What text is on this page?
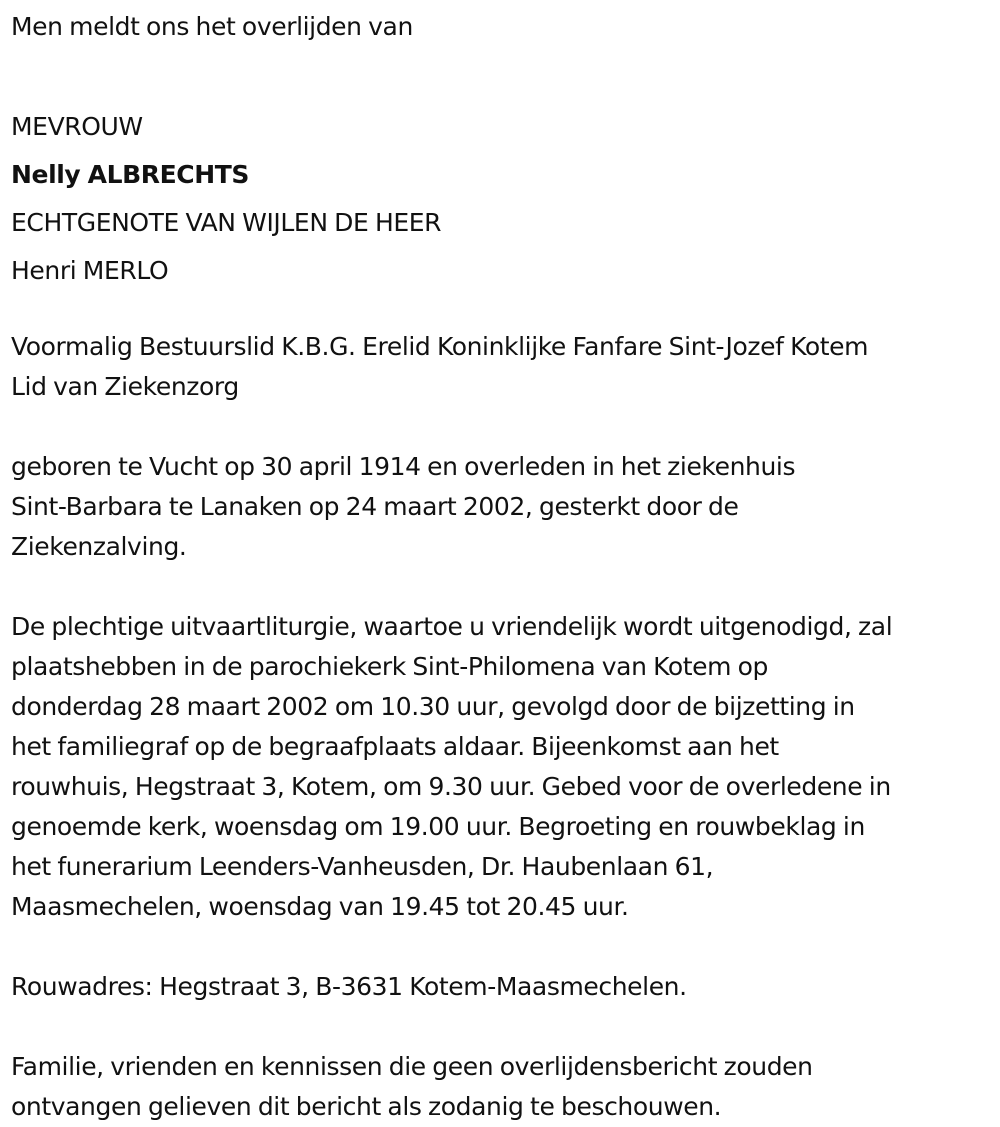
Men meldt ons het overlijden van
MEVROUW
Nelly ALBRECHTS
ECHTGENOTE VAN WIJLEN DE HEER
Henri MERLO
Voormalig Bestuurslid K.B.G. Erelid Koninklijke Fanfare Sint-Jozef Kotem
Lid van Ziekenzorg
geboren te Vucht op 30 april 1914 en overleden in het ziekenhuis
Sint-Barbara te Lanaken op 24 maart 2002, gesterkt door de
Ziekenzalving.
De plechtige uitvaartliturgie, waartoe u vriendelijk wordt uitgenodigd, zal
plaatshebben in de parochiekerk Sint-Philomena van Kotem op
donderdag 28 maart 2002 om 10.30 uur, gevolgd door de bijzetting in
het familiegraf op de begraafplaats aldaar. Bijeenkomst aan het
rouwhuis, Hegstraat 3, Kotem, om 9.30 uur. Gebed voor de overledene in
genoemde kerk, woensdag om 19.00 uur. Begroeting en rouwbeklag in
het funerarium Leenders-Vanheusden, Dr. Haubenlaan 61,
Maasmechelen, woensdag van 19.45 tot 20.45 uur.
Rouwadres: Hegstraat 3, B-3631 Kotem-Maasmechelen.
Familie, vrienden en kennissen die geen overlijdensbericht zouden
ontvangen gelieven dit bericht als zodanig te beschouwen.
